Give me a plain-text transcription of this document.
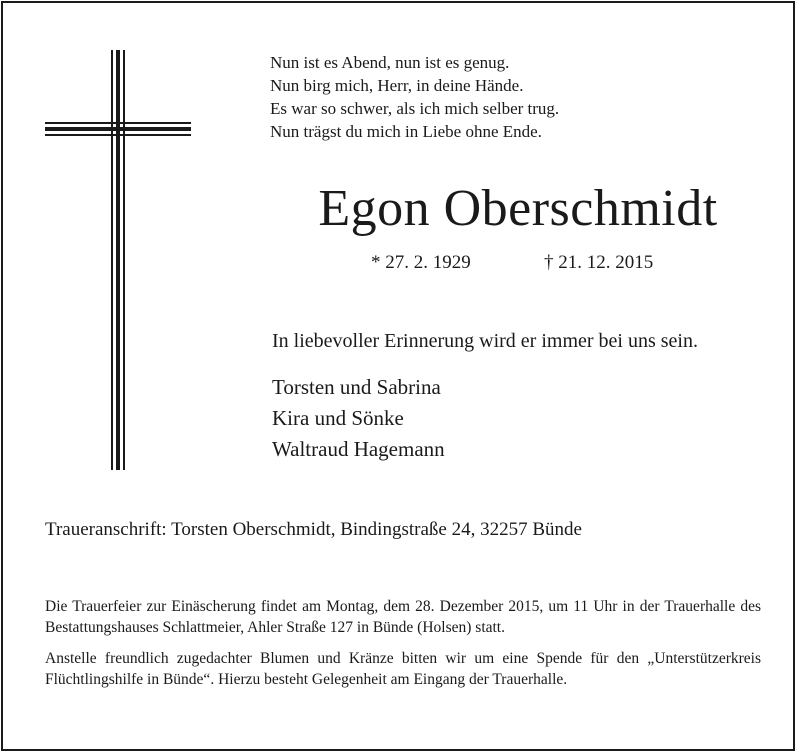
Nun ist es Abend, nun ist es genug.
Nun birg mich, Herr, in deine Hände.
Es war so schwer, als ich mich selber trug.
Nun trägst du mich in Liebe ohne Ende.
Egon Oberschmidt
* 27. 2. 1929	† 21. 12. 2015
In liebevoller Erinnerung wird er immer bei uns sein.
Torsten und Sabrina
Kira und Sönke
Waltraud Hagemann
Traueranschrift: Torsten Oberschmidt, Bindingstraße 24, 32257 Bünde
Die Trauerfeier zur Einäscherung findet am Montag, dem 28. Dezember 2015, um 11 Uhr in der Trauerhalle des Bestattungshauses Schlattmeier, Ahler Straße 127 in Bünde (Holsen) statt.
Anstelle freundlich zugedachter Blumen und Kränze bitten wir um eine Spende für den „Unterstützerkreis Flüchtlingshilfe in Bünde“. Hierzu besteht Gelegenheit am Eingang der Trauerhalle.
